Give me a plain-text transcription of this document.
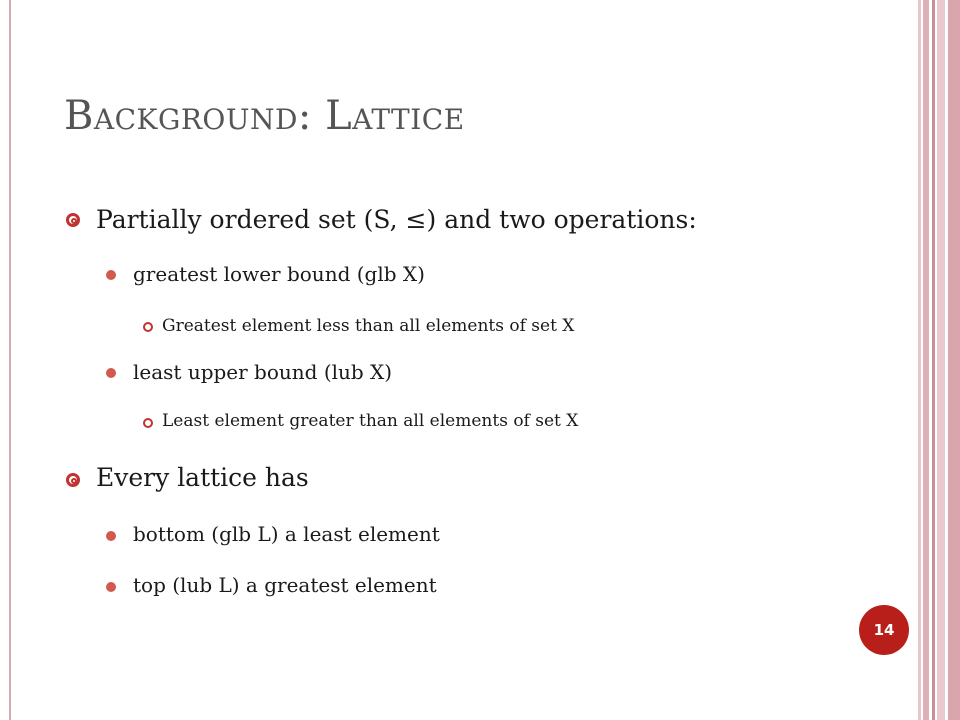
Background: Lattice
Partially ordered set (S, ≤) and two operations:
greatest lower bound (glb X)
Greatest element less than all elements of set X
least upper bound (lub X)
Least element greater than all elements of set X
Every lattice has
bottom (glb L) a least element
top (lub L) a greatest element
14
